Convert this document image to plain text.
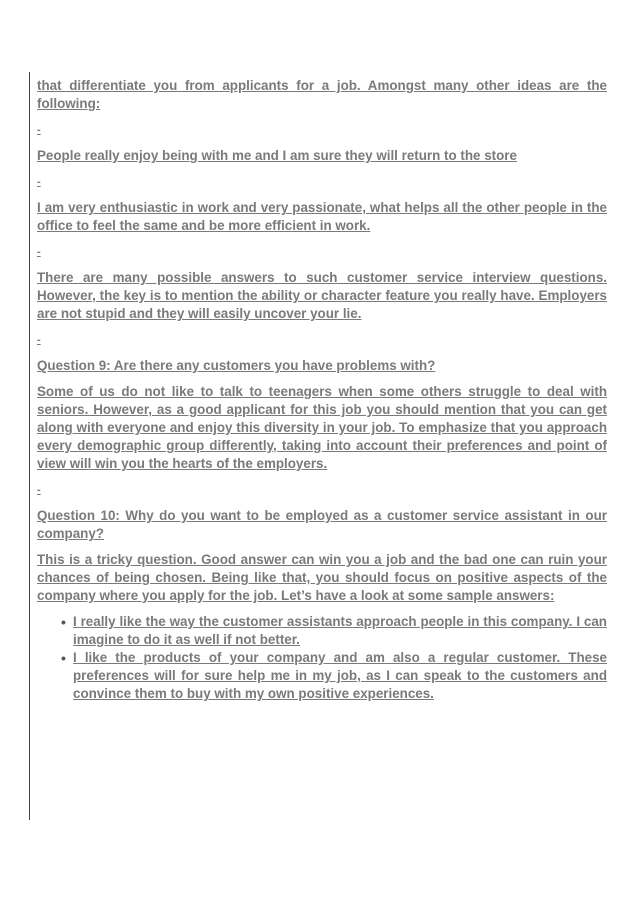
that differentiate you from applicants for a job. Amongst many other ideas are the following:

-

People really enjoy being with me and I am sure they will return to the store

-

I am very enthusiastic in work and very passionate, what helps all the other people in the office to feel the same and be more efficient in work.

-

There are many possible answers to such customer service interview questions. However, the key is to mention the ability or character feature you really have. Employers are not stupid and they will easily uncover your lie.

-

Question 9: Are there any customers you have problems with?

Some of us do not like to talk to teenagers when some others struggle to deal with seniors. However, as a good applicant for this job you should mention that you can get along with everyone and enjoy this diversity in your job. To emphasize that you approach every demographic group differently, taking into account their preferences and point of view will win you the hearts of the employers.

-

Question 10: Why do you want to be employed as a customer service assistant in our company?

This is a tricky question. Good answer can win you a job and the bad one can ruin your chances of being chosen. Being like that, you should focus on positive aspects of the company where you apply for the job. Let’s have a look at some sample answers:

• I really like the way the customer assistants approach people in this company. I can imagine to do it as well if not better.
• I like the products of your company and am also a regular customer. These preferences will for sure help me in my job, as I can speak to the customers and convince them to buy with my own positive experiences.
